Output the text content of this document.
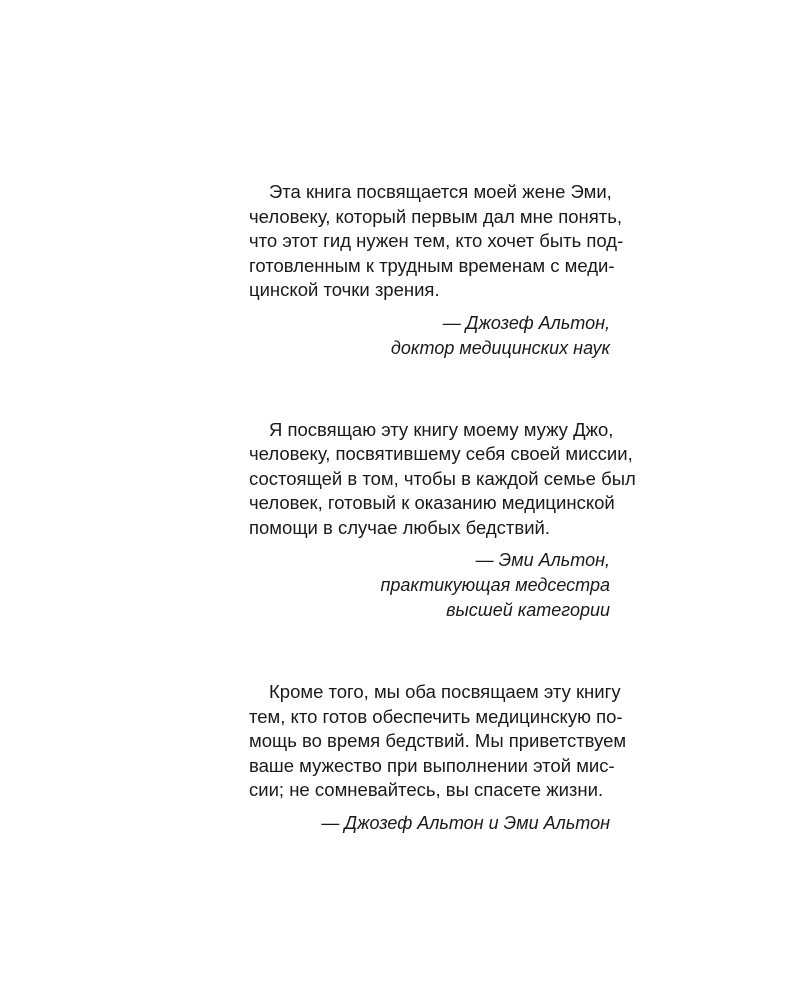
Эта книга посвящается моей жене Эми,
человеку, который первым дал мне понять,
что этот гид нужен тем, кто хочет быть под-
готовленным к трудным временам с меди-
цинской точки зрения.
— Джозеф Альтон,
доктор медицинских наук
Я посвящаю эту книгу моему мужу Джо,
человеку, посвятившему себя своей миссии,
состоящей в том, чтобы в каждой семье был
человек, готовый к оказанию медицинской
помощи в случае любых бедствий.
— Эми Альтон,
практикующая медсестра
высшей категории
Кроме того, мы оба посвящаем эту книгу
тем, кто готов обеспечить медицинскую по-
мощь во время бедствий. Мы приветствуем
ваше мужество при выполнении этой мис-
сии; не сомневайтесь, вы спасете жизни.
— Джозеф Альтон и Эми Альтон
